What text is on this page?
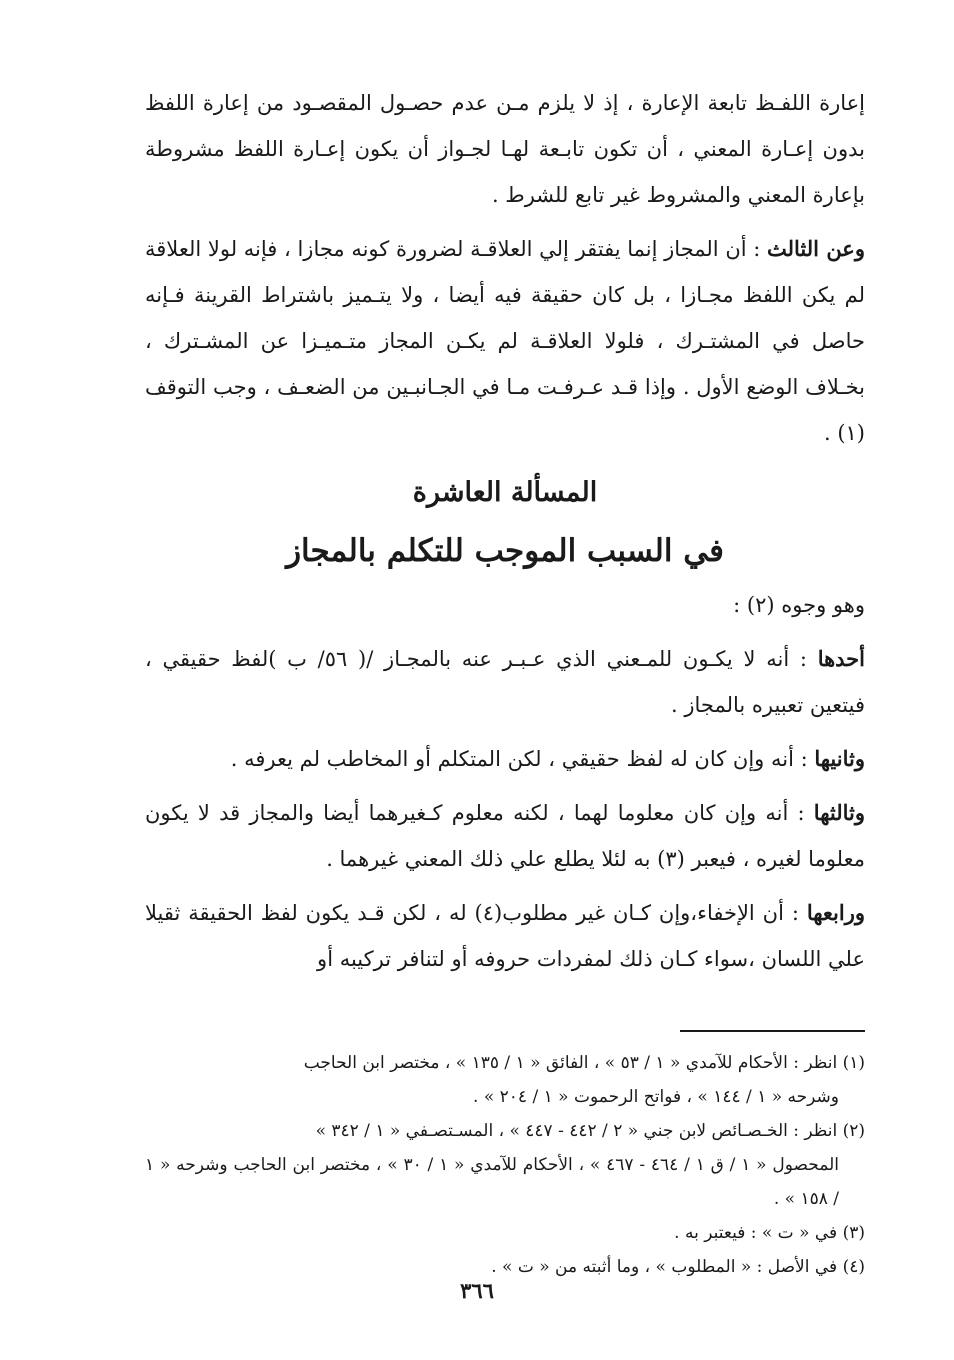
إعارة اللفـظ تابعة الإعارة ، إذ لا يلزم مـن عدم حصـول المقصـود من إعارة اللفظ بدون إعـارة المعني ، أن تكون تابـعة لهـا لجـواز أن يكون إعـارة اللفظ مشروطة بإعارة المعني والمشروط غير تابع للشرط .

وعن الثالث : أن المجاز إنما يفتقر إلي العلاقـة لضرورة كونه مجازا ، فإنه لولا العلاقة لم يكن اللفظ مجـازا ، بل كان حقيقة فيه أيضا ، ولا يتـميز باشتراط القرينة فـإنه حاصل في المشتـرك ، فلولا العلاقـة لم يكـن المجاز متـميـزا عن المشـترك ، بخـلاف الوضع الأول . وإذا قـد عـرفـت مـا في الجـانبـين من الضعـف ، وجب التوقف (١) .

المسألة العاشرة
في السبب الموجب للتكلم بالمجاز

وهو وجوه (٢) :

أحدها : أنه لا يكـون للمـعني الذي عـبـر عنه بالمجـاز /( ٥٦/ ب )لفظ حقيقي ، فيتعين تعبيره بالمجاز .

وثانيها : أنه وإن كان له لفظ حقيقي ، لكن المتكلم أو المخاطب لم يعرفه .

وثالثها : أنه وإن كان معلوما لهما ، لكنه معلوم كـغيرهما أيضا والمجاز قد لا يكون معلوما لغيره ، فيعبر (٣) به لئلا يطلع علي ذلك المعني غيرهما .

ورابعها : أن الإخفاء،وإن كـان غير مطلوب(٤) له ، لكن قـد يكون لفظ الحقيقة ثقيلا علي اللسان ،سواء كـان ذلك لمفردات حروفه أو لتنافر تركيبه أو

(١) انظر : الأحكام للآمدي « ١ / ٥٣ » ، الفائق « ١ / ١٣٥ » ، مختصر ابن الحاجب
وشرحه « ١ / ١٤٤ » ، فواتح الرحموت « ١ / ٢٠٤ » .

(٢) انظر : الخـصـائص لابن جني « ٢ / ٤٤٢ - ٤٤٧ » ، المسـتصـفي « ١ / ٣٤٢ »
المحصول « ١ / ق ١ / ٤٦٤ - ٤٦٧ » ، الأحكام للآمدي « ١ / ٣٠ » ، مختصر ابن الحاجب وشرحه « ١ / ١٥٨ » .

(٣) في « ت » : فيعتبر به .

(٤) في الأصل : « المطلوب » ، وما أثبته من « ت » .

٣٦٦
